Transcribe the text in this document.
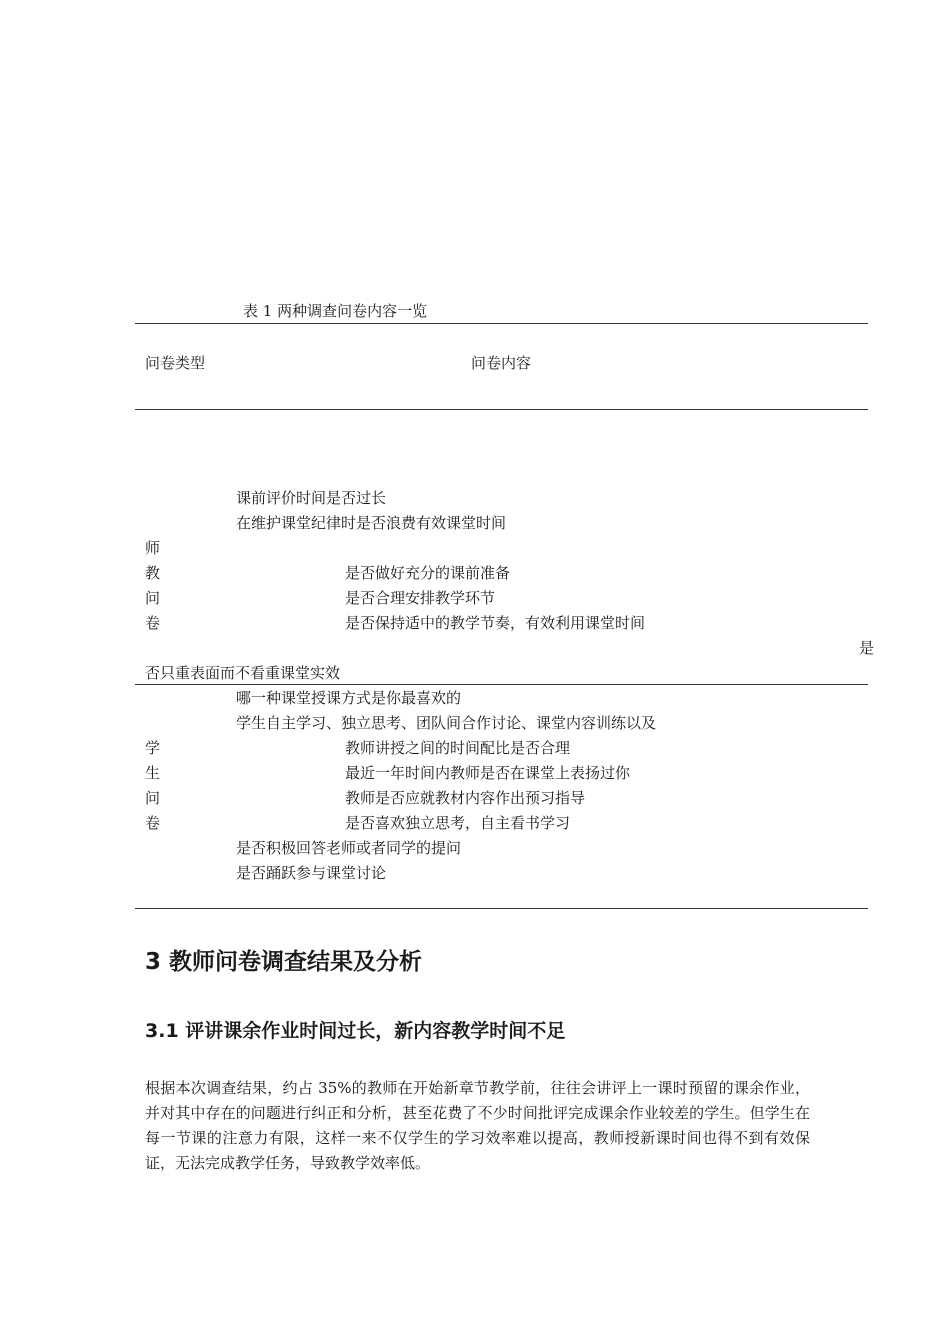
表 1 两种调查问卷内容一览
问卷类型	问卷内容
师
教
问
卷
课前评价时间是否过长
在维护课堂纪律时是否浪费有效课堂时间
是否做好充分的课前准备
是否合理安排教学环节
是否保持适中的教学节奏，有效利用课堂时间
是
否只重表面而不看重课堂实效
学
生
问
卷
哪一种课堂授课方式是你最喜欢的
学生自主学习、独立思考、团队间合作讨论、课堂内容训练以及
教师讲授之间的时间配比是否合理
最近一年时间内教师是否在课堂上表扬过你
教师是否应就教材内容作出预习指导
是否喜欢独立思考，自主看书学习
是否积极回答老师或者同学的提问
是否踊跃参与课堂讨论
3 教师问卷调查结果及分析
3.1 评讲课余作业时间过长，新内容教学时间不足

根据本次调查结果，约占 35%的教师在开始新章节教学前，往往会讲评上一课时预留的课余作业，并对其中存在的问题进行纠正和分析，甚至花费了不少时间批评完成课余作业较差的学生。但学生在每一节课的注意力有限，这样一来不仅学生的学习效率难以提高，教师授新课时间也得不到有效保证，无法完成教学任务，导致教学效率低。
